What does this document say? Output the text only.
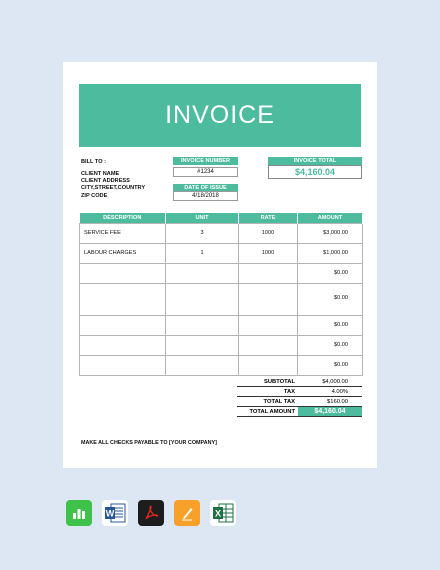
INVOICE
BILL TO :
CLIENT NAME
CLIENT ADDRESS
CITY,STREET,COUNTRY
ZIP CODE
INVOICE NUMBER
#1234
DATE OF ISSUE
4/18/2018
INVOICE TOTAL
$4,160.04
DESCRIPTION	UNIT	RATE	AMOUNT
SERVICE FEE	3	1000	$3,000.00
LABOUR CHARGES	1	1000	$1,000.00
			$0.00
			$0.00
			$0.00
			$0.00
			$0.00
SUBTOTAL	$4,000.00
TAX	4.00%
TOTAL TAX	$160.00
TOTAL AMOUNT	$4,160.04
MAKE ALL CHECKS PAYABLE TO [YOUR COMPANY]
W	X
